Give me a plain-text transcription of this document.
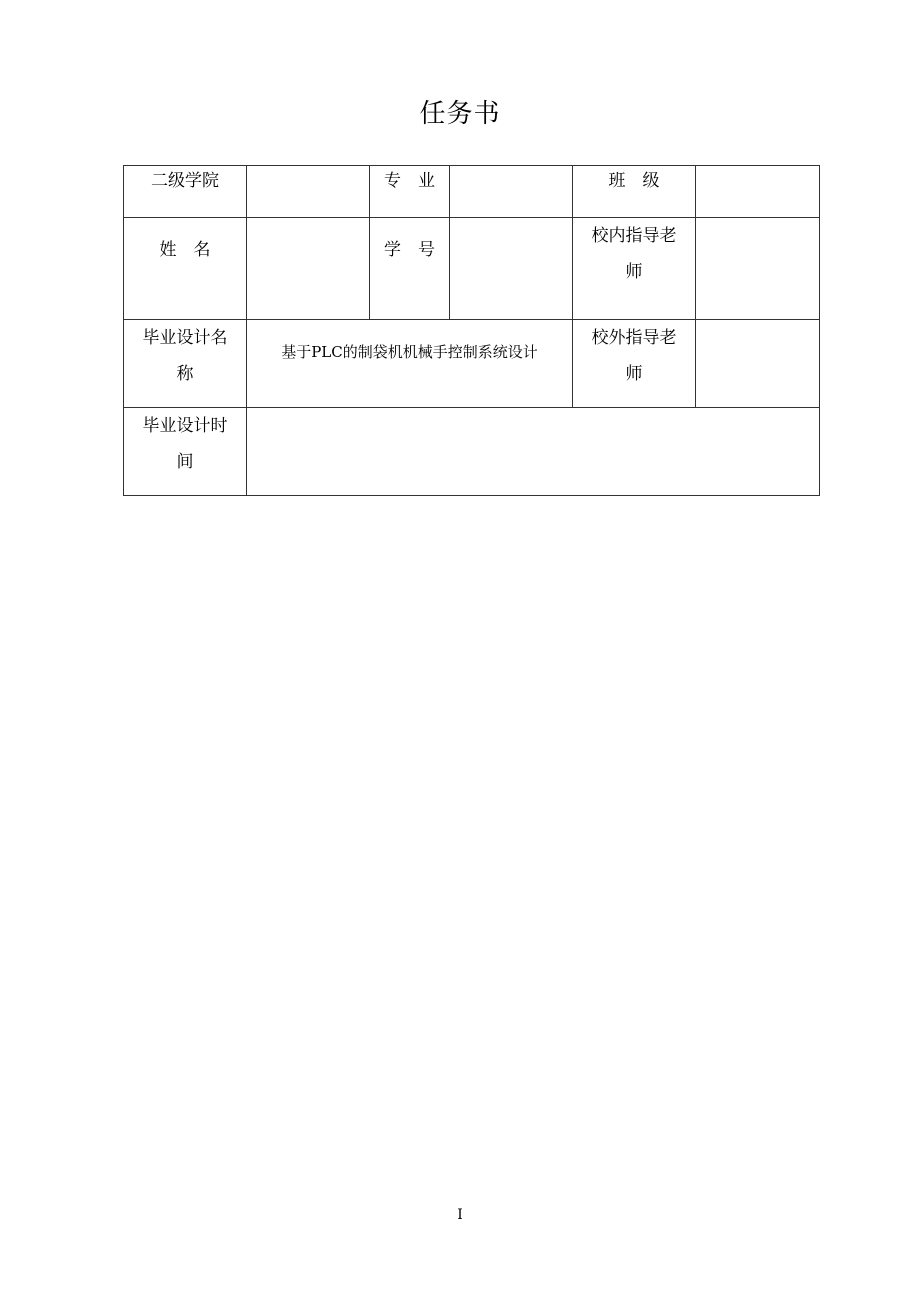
任务书
二级学院		专　业		班　级	

姓　名		学　号		校内指导老师	
毕业设计名称	基于PLC的制袋机机械手控制系统设计			校外指导老师	
毕业设计时间					
I
